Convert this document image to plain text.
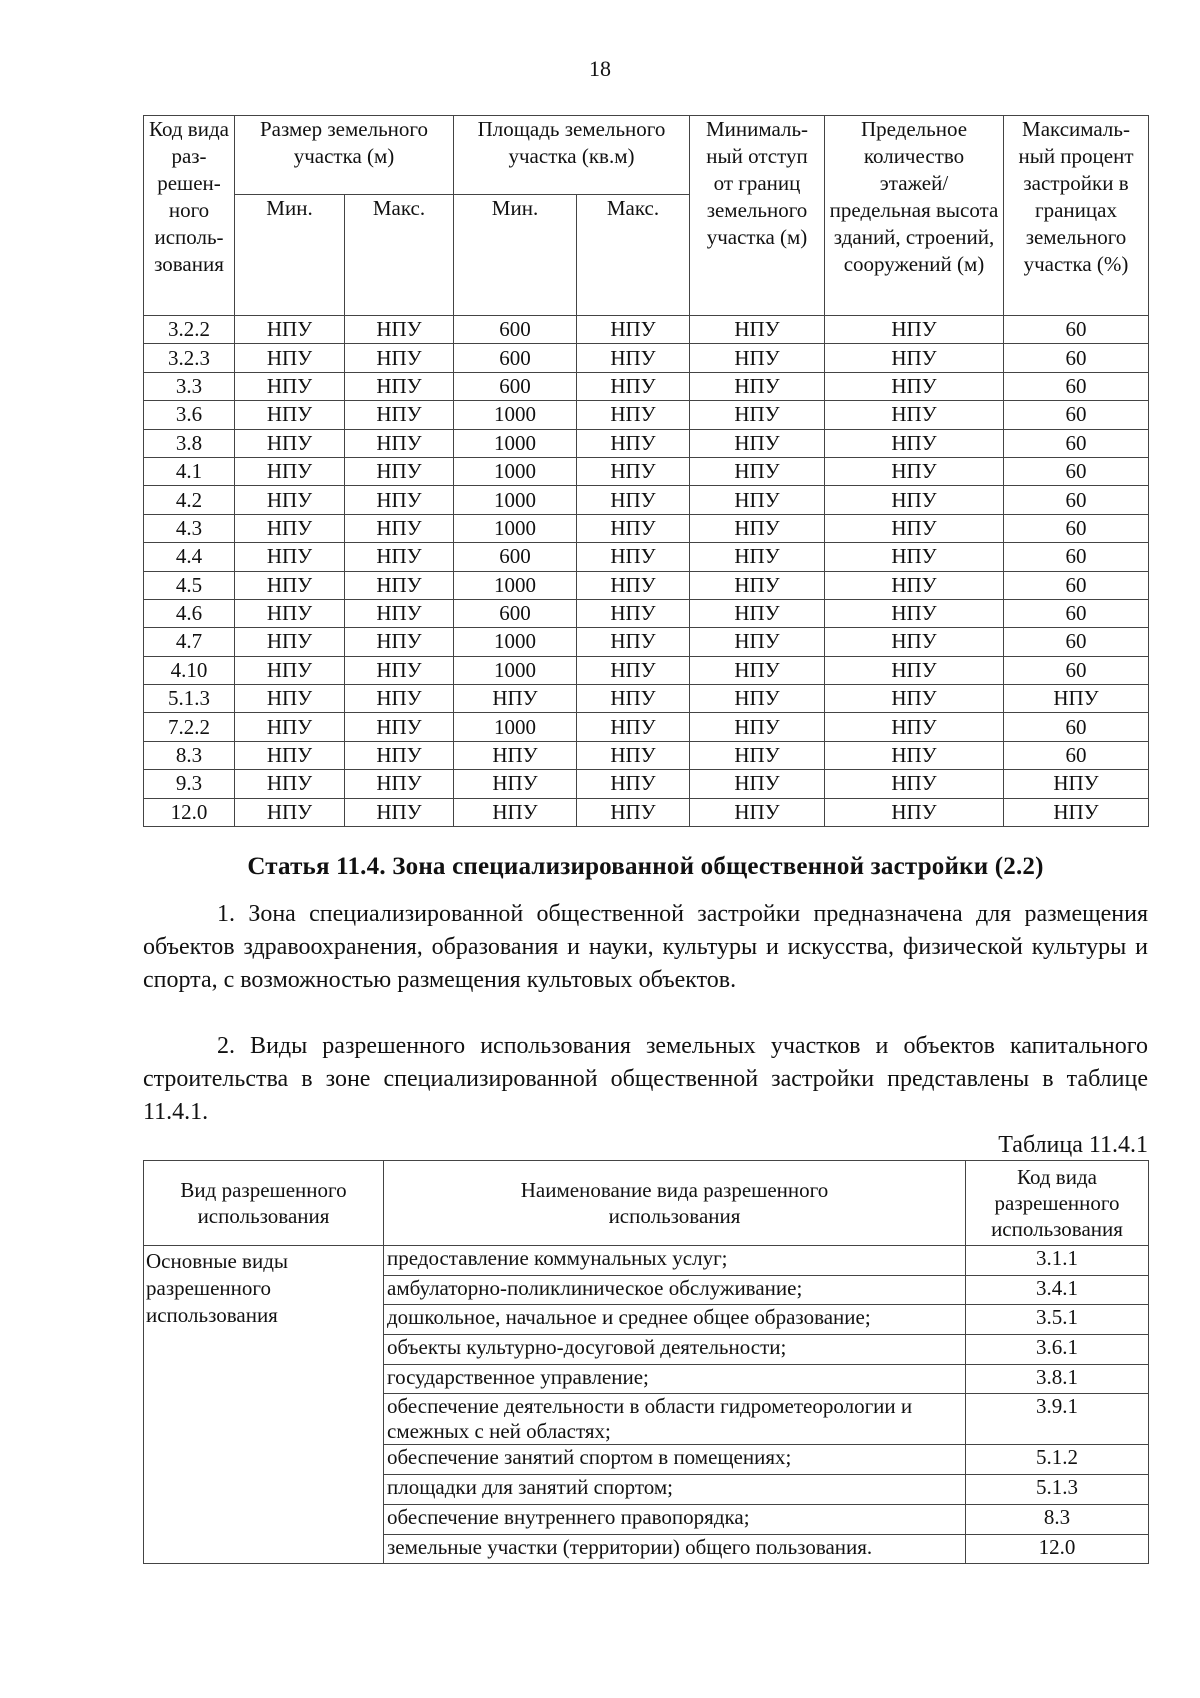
18
Код вида раз-решен-ного исполь-зования	Размер земельного участка (м)		Площадь земельного участка (кв.м)		Минималь-ный отступ от границ земельного участка (м)	Предельное количество этажей/ предельная высота зданий, строений, сооружений (м)	Максималь-ный процент застройки в границах земельного участка (%)
	Мин.	Макс.	Мин.	Макс.			
3.2.2	НПУ	НПУ	600	НПУ	НПУ	НПУ	60
3.2.3	НПУ	НПУ	600	НПУ	НПУ	НПУ	60
3.3	НПУ	НПУ	600	НПУ	НПУ	НПУ	60
3.6	НПУ	НПУ	1000	НПУ	НПУ	НПУ	60
3.8	НПУ	НПУ	1000	НПУ	НПУ	НПУ	60
4.1	НПУ	НПУ	1000	НПУ	НПУ	НПУ	60
4.2	НПУ	НПУ	1000	НПУ	НПУ	НПУ	60
4.3	НПУ	НПУ	1000	НПУ	НПУ	НПУ	60
4.4	НПУ	НПУ	600	НПУ	НПУ	НПУ	60
4.5	НПУ	НПУ	1000	НПУ	НПУ	НПУ	60
4.6	НПУ	НПУ	600	НПУ	НПУ	НПУ	60
4.7	НПУ	НПУ	1000	НПУ	НПУ	НПУ	60
4.10	НПУ	НПУ	1000	НПУ	НПУ	НПУ	60
5.1.3	НПУ	НПУ	НПУ	НПУ	НПУ	НПУ	НПУ
7.2.2	НПУ	НПУ	1000	НПУ	НПУ	НПУ	60
8.3	НПУ	НПУ	НПУ	НПУ	НПУ	НПУ	60
9.3	НПУ	НПУ	НПУ	НПУ	НПУ	НПУ	НПУ
12.0	НПУ	НПУ	НПУ	НПУ	НПУ	НПУ	НПУ
Статья 11.4. Зона специализированной общественной застройки (2.2)

1. Зона специализированной общественной застройки предназначена для размещения объектов здравоохранения, образования и науки, культуры и искусства, физической культуры и спорта, с возможностью размещения культовых объектов.

2. Виды разрешенного использования земельных участков и объектов капитального строительства в зоне специализированной общественной застройки представлены в таблице 11.4.1.

Таблица 11.4.1
Вид разрешенного использования	Наименование вида разрешенного использования	Код вида разрешенного использования
Основные виды разрешенного использования	предоставление коммунальных услуг;	3.1.1
	амбулаторно-поликлиническое обслуживание;	3.4.1
	дошкольное, начальное и среднее общее образование;	3.5.1
	объекты культурно-досуговой деятельности;	3.6.1
	государственное управление;	3.8.1
	обеспечение деятельности в области гидрометеорологии и смежных с ней областях;	3.9.1
	обеспечение занятий спортом в помещениях;	5.1.2
	площадки для занятий спортом;	5.1.3
	обеспечение внутреннего правопорядка;	8.3
	земельные участки (территории) общего пользования.	12.0
